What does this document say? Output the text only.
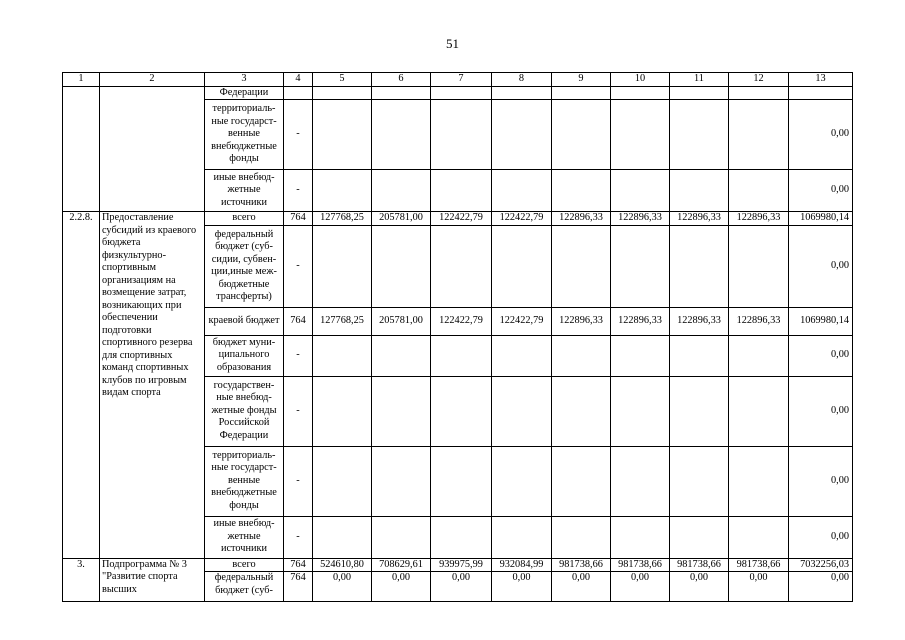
51
1	2	3	4	5	6	7	8	9	10	11	12	13
		Федерации										
		территориаль-ные государст-венные внебюджетные фонды	-									0,00
		иные внебюд-жетные источники	-									0,00
2.2.8.	Предоставление субсидий из краевого бюджета физкультурно-спортивным организациям на возмещение затрат, возникающих при обеспечении подготовки спортивного резерва для спортивных команд спортивных клубов по игровым видам спорта	всего	764	127768,25	205781,00	122422,79	122422,79	122896,33	122896,33	122896,33	122896,33	1069980,14
		федеральный бюджет (суб-сидии, субвен-ции,иные меж-бюджетные трансферты)	-									0,00
		краевой бюджет	764	127768,25	205781,00	122422,79	122422,79	122896,33	122896,33	122896,33	122896,33	1069980,14
		бюджет муни-ципального образования	-									0,00
		государствен-ные внебюд-жетные фонды Российской Федерации	-									0,00
		территориаль-ные государст-венные внебюджетные фонды	-									0,00
		иные внебюд-жетные источники	-									0,00
3.	Подпрограмма № 3 "Развитие спорта высших	всего	764	524610,80	708629,61	939975,99	932084,99	981738,66	981738,66	981738,66	981738,66	7032256,03
		федеральный бюджет (суб-	764	0,00	0,00	0,00	0,00	0,00	0,00	0,00	0,00	0,00
